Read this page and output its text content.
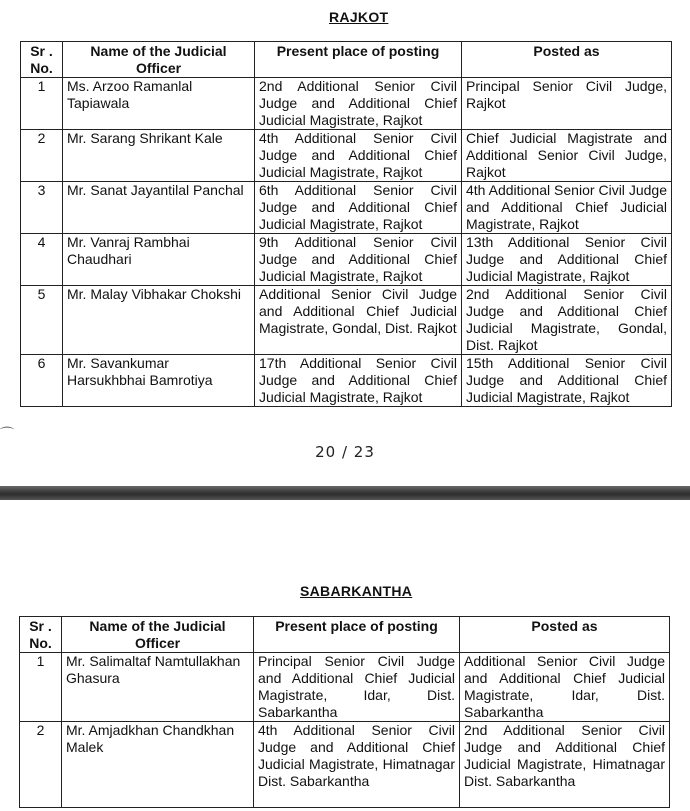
RAJKOT
Sr . No.	Name of the Judicial Officer	Present place of posting	Posted as
1	Ms. Arzoo Ramanlal Tapiawala	2nd Additional Senior Civil Judge and Additional Chief Judicial Magistrate, Rajkot	Principal Senior Civil Judge, Rajkot
2	Mr. Sarang Shrikant Kale	4th Additional Senior Civil Judge and Additional Chief Judicial Magistrate, Rajkot	Chief Judicial Magistrate and Additional Senior Civil Judge, Rajkot
3	Mr. Sanat Jayantilal Panchal	6th Additional Senior Civil Judge and Additional Chief Judicial Magistrate, Rajkot	4th Additional Senior Civil Judge and Additional Chief Judicial Magistrate, Rajkot
4	Mr. Vanraj Rambhai Chaudhari	9th Additional Senior Civil Judge and Additional Chief Judicial Magistrate, Rajkot	13th Additional Senior Civil Judge and Additional Chief Judicial Magistrate, Rajkot
5	Mr. Malay Vibhakar Chokshi	Additional Senior Civil Judge and Additional Chief Judicial Magistrate, Gondal, Dist. Rajkot	2nd Additional Senior Civil Judge and Additional Chief Judicial Magistrate, Gondal, Dist. Rajkot
6	Mr. Savankumar Harsukhbhai Bamrotiya	17th Additional Senior Civil Judge and Additional Chief Judicial Magistrate, Rajkot	15th Additional Senior Civil Judge and Additional Chief Judicial Magistrate, Rajkot
⌒
20 / 23
SABARKANTHA
Sr . No.	Name of the Judicial Officer	Present place of posting	Posted as
1	Mr. Salimaltaf Namtullakhan Ghasura	Principal Senior Civil Judge and Additional Chief Judicial Magistrate, Idar, Dist. Sabarkantha	Additional Senior Civil Judge and Additional Chief Judicial Magistrate, Idar, Dist. Sabarkantha
2	Mr. Amjadkhan Chandkhan Malek	4th Additional Senior Civil Judge and Additional Chief Judicial Magistrate, Himatnagar Dist. Sabarkantha	2nd Additional Senior Civil Judge and Additional Chief Judicial Magistrate, Himatnagar Dist. Sabarkantha
